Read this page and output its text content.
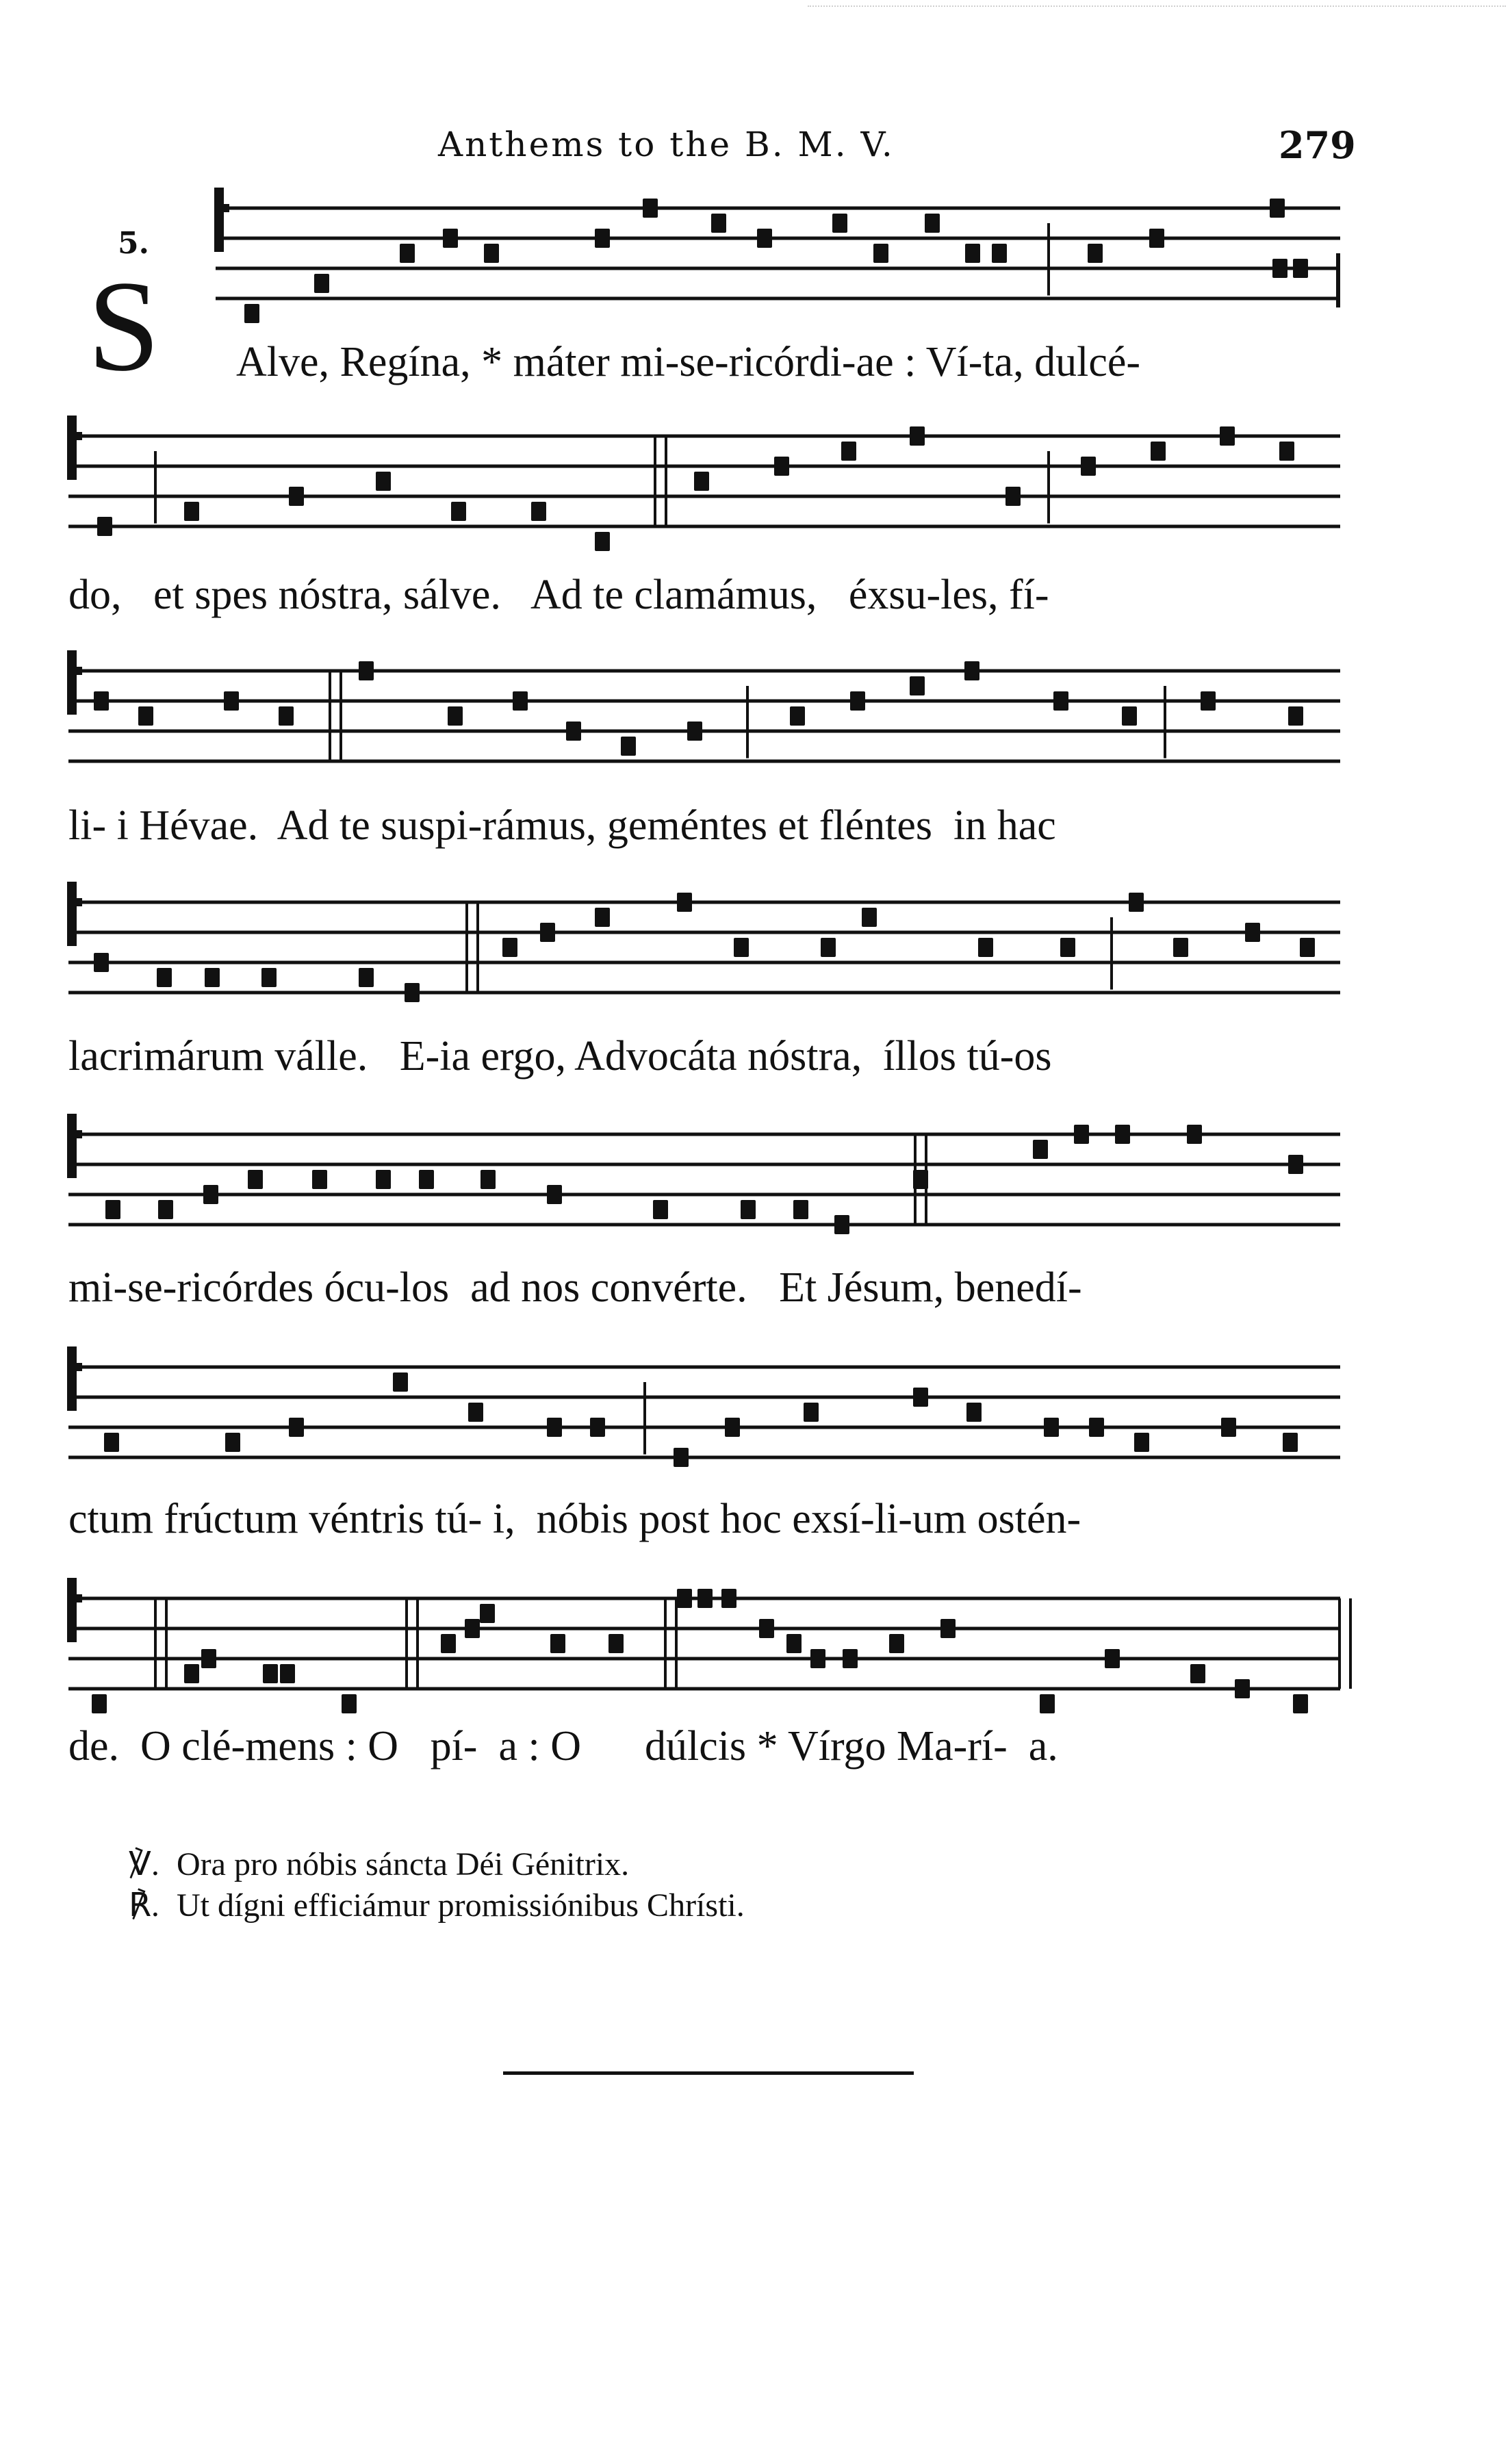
Anthems to the B. M. V.	279
5.
S Alve, Regína, * máter mi-se-ricórdi-ae : Ví-ta, dulcé-
do,   et spes nóstra, sálve.   Ad te clamámus,   éxsu-les, fí-
li- i Hévae.  Ad te suspi-rámus, geméntes et fléntes  in hac
lacrimárum válle.   E-ia ergo, Advocáta nóstra,  íllos tú-os
mi-se-ricórdes ócu-los  ad nos convérte.   Et Jésum, benedí-
ctum frúctum véntris tú- i,  nóbis post hoc exsí-li-um ostén-
de.  O clé-mens : O   pí-  a : O      dúlcis * Vírgo Ma-rí-  a.

℣. Ora pro nóbis sáncta Déi Génitrix.

℟. Ut dígni efficiámur promissiónibus Chrísti.
